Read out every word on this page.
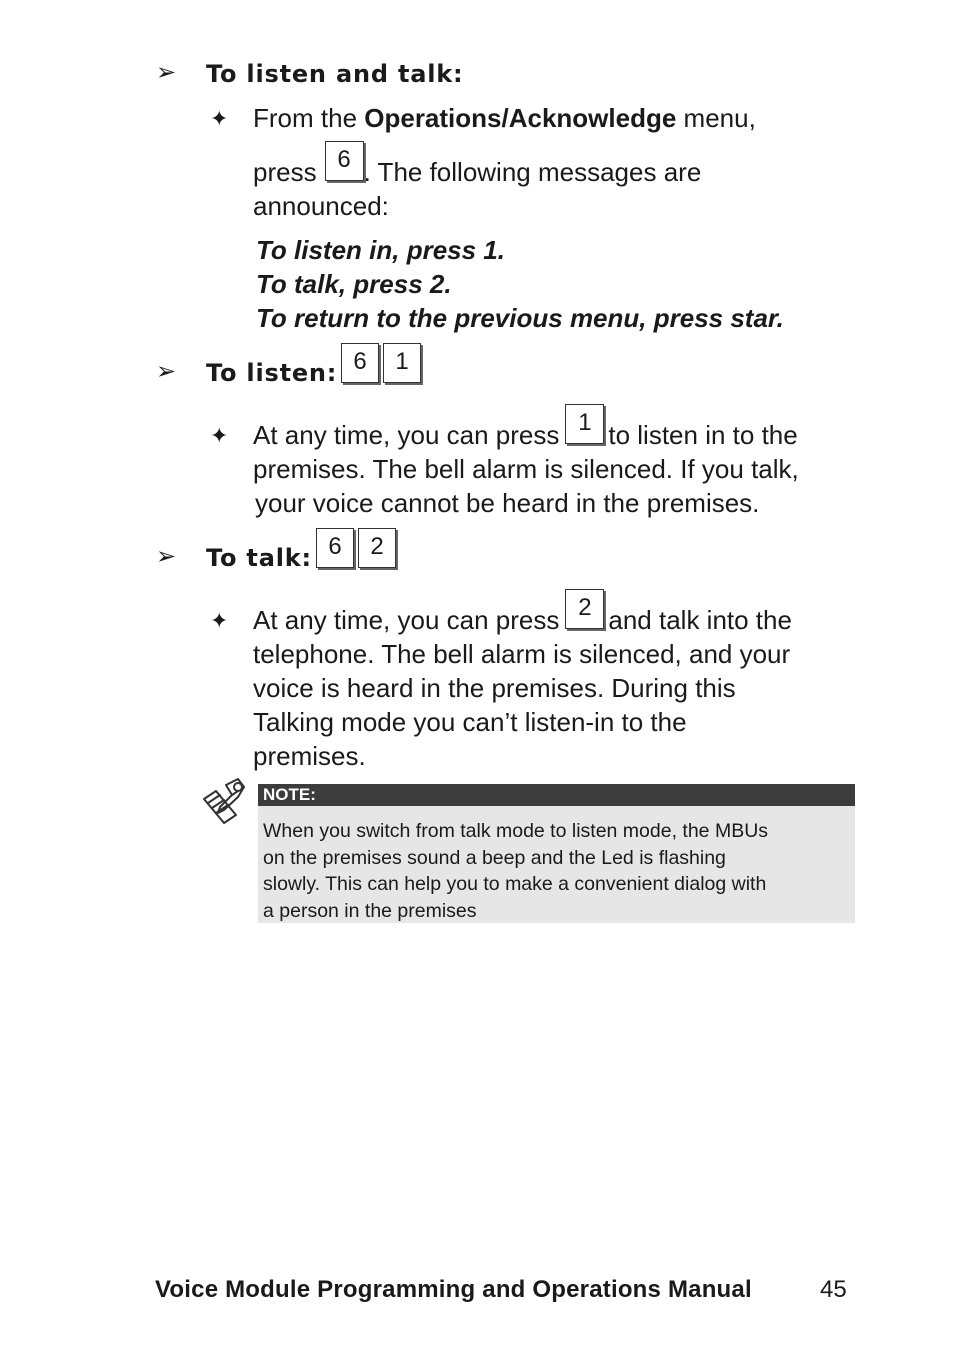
➢ To listen and talk:
✦ From the Operations/Acknowledge menu,
press 6 . The following messages are
announced:
To listen in, press 1.
To talk, press 2.
To return to the previous menu, press star.
➢ To listen: 6	1
✦ At any time, you can press 1 to listen in to the
premises. The bell alarm is silenced. If you talk,
your voice cannot be heard in the premises.
➢ To talk: 6	2
✦ At any time, you can press 2 and talk into the
telephone. The bell alarm is silenced, and your
voice is heard in the premises. During this
Talking mode you can’t listen-in to the
premises.
NOTE:
When you switch from talk mode to listen mode, the MBUs
on the premises sound a beep and the Led is flashing
slowly. This can help you to make a convenient dialog with
a person in the premises
Voice Module Programming and Operations Manual	45
